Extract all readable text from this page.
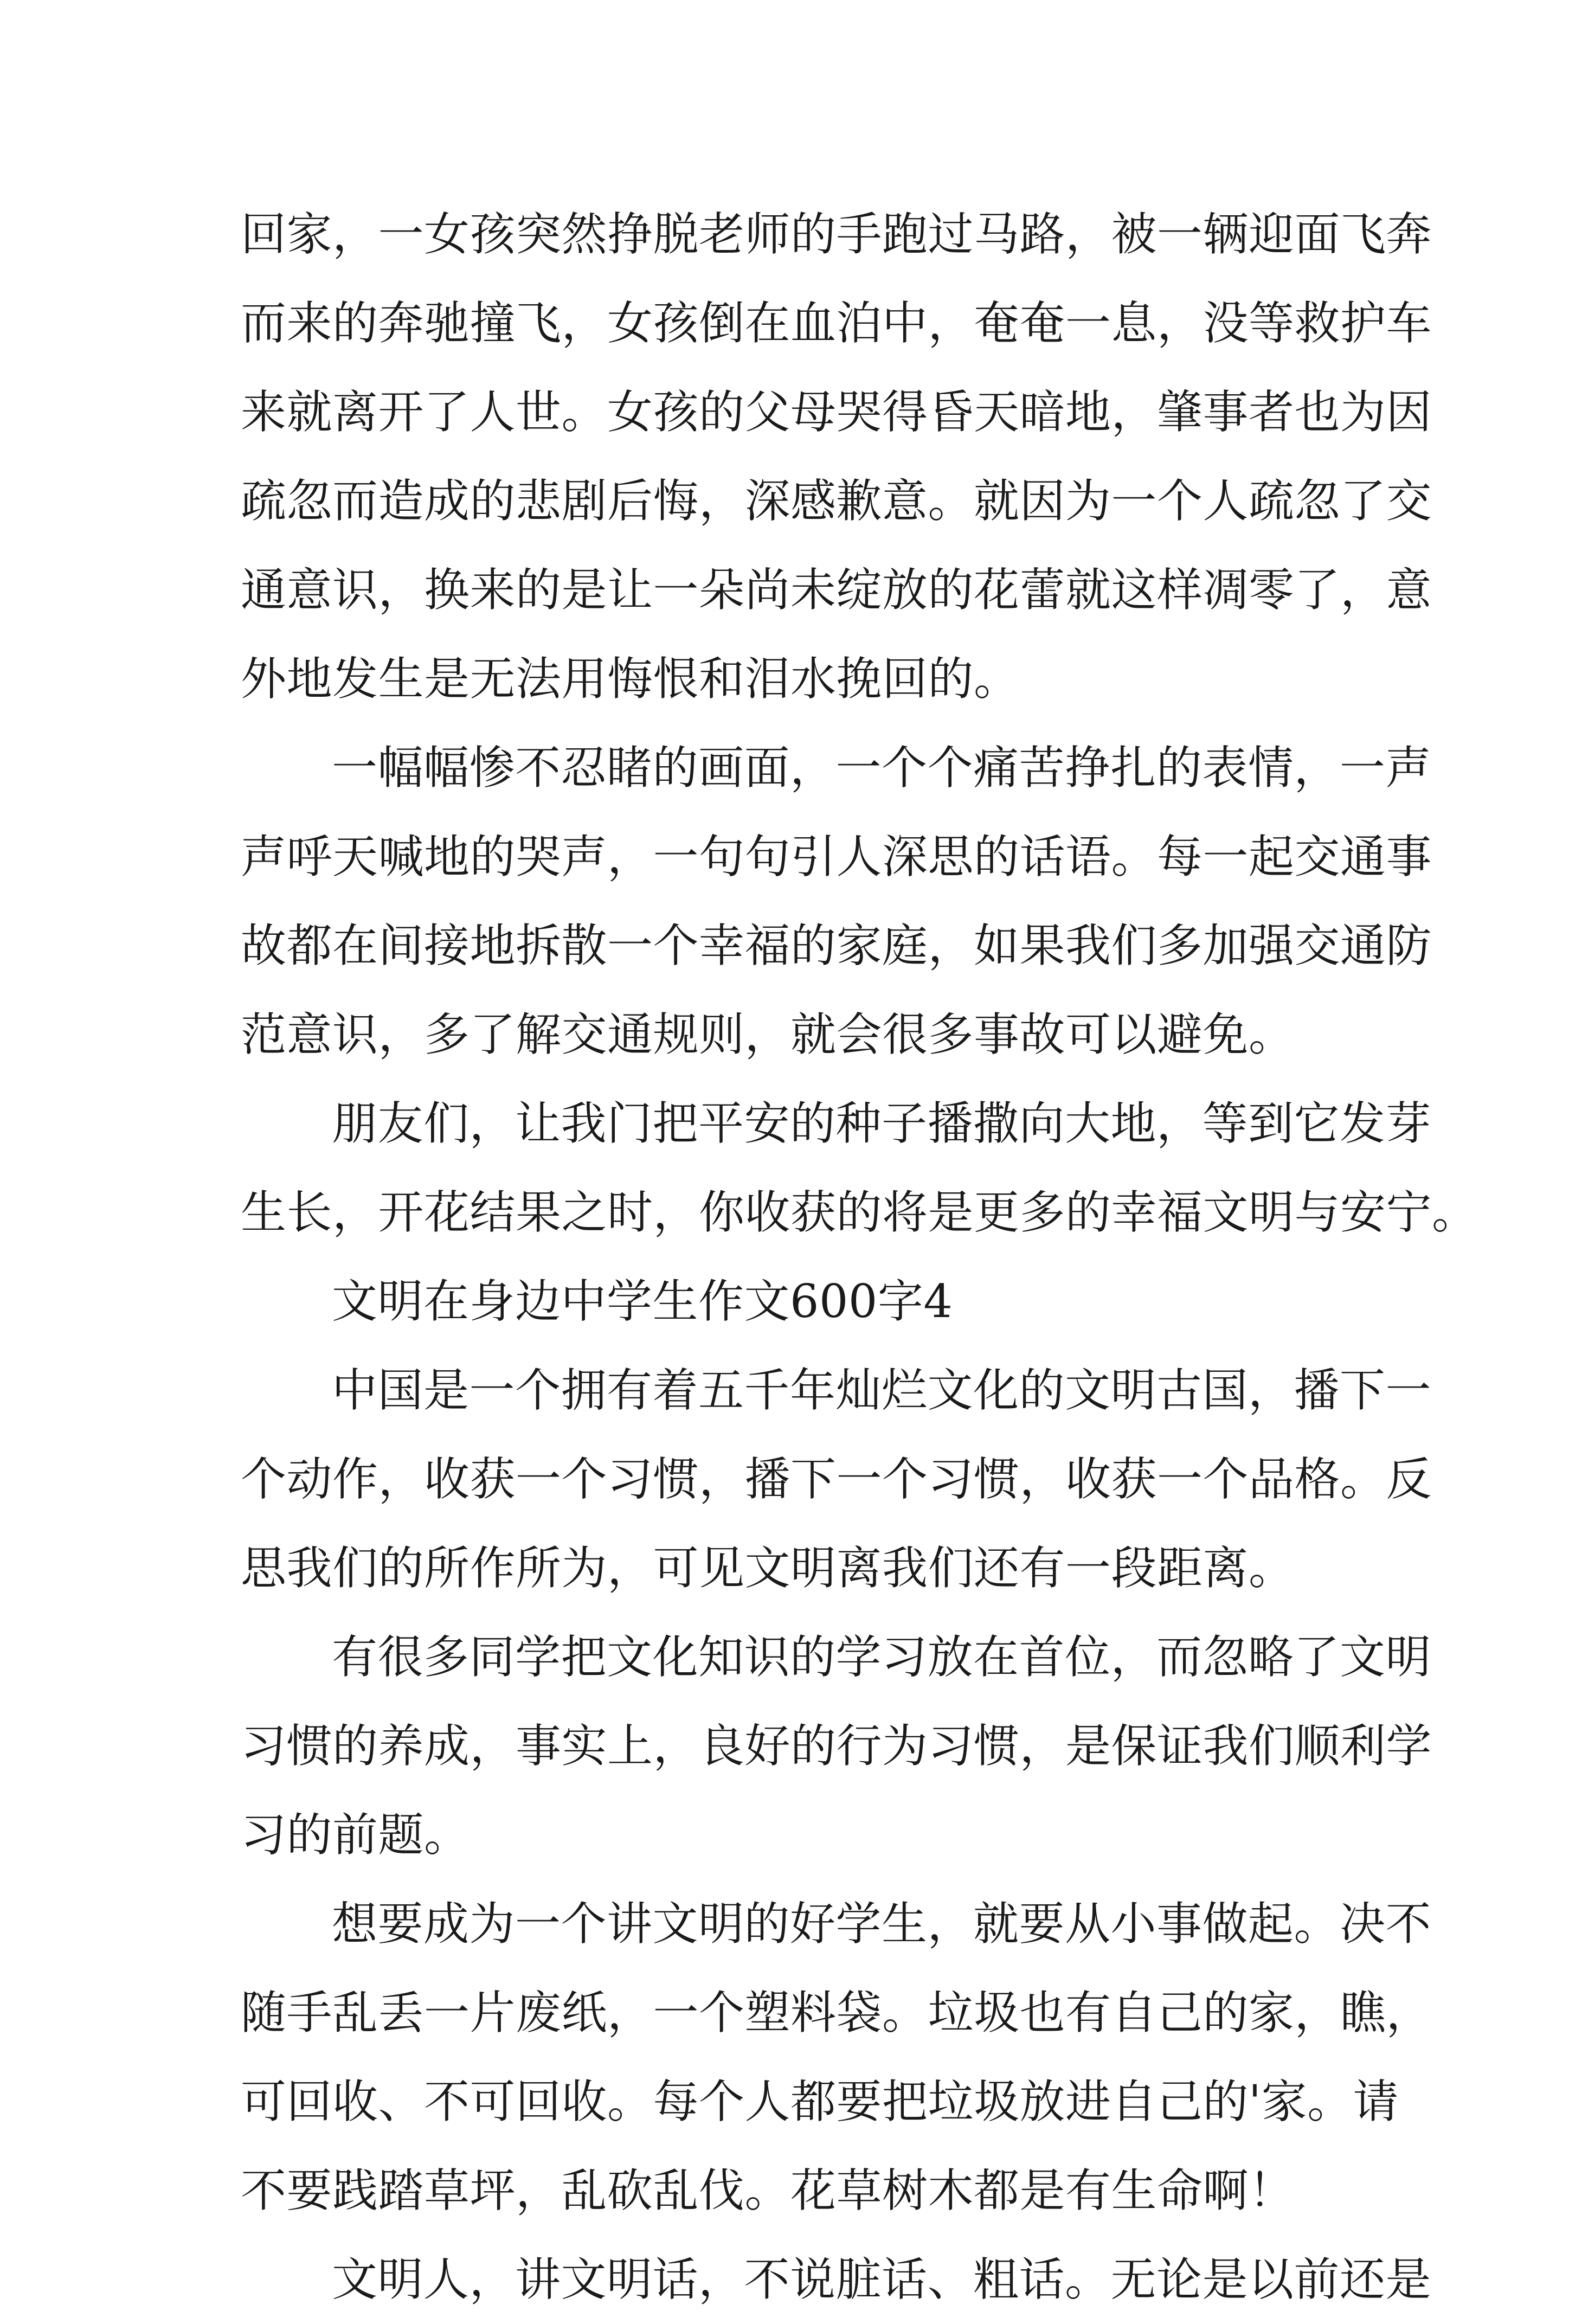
回家，一女孩突然挣脱老师的手跑过马路，被一辆迎面飞奔
而来的奔驰撞飞，女孩倒在血泊中，奄奄一息，没等救护车
来就离开了人世。女孩的父母哭得昏天暗地，肇事者也为因
疏忽而造成的悲剧后悔，深感歉意。就因为一个人疏忽了交
通意识，换来的是让一朵尚未绽放的花蕾就这样凋零了，意
外地发生是无法用悔恨和泪水挽回的。
一幅幅惨不忍睹的画面，一个个痛苦挣扎的表情，一声
声呼天喊地的哭声，一句句引人深思的话语。每一起交通事
故都在间接地拆散一个幸福的家庭，如果我们多加强交通防
范意识，多了解交通规则，就会很多事故可以避免。
朋友们，让我门把平安的种子播撒向大地，等到它发芽
生长，开花结果之时，你收获的将是更多的幸福文明与安宁。
文明在身边中学生作文600字4
中国是一个拥有着五千年灿烂文化的文明古国，播下一
个动作，收获一个习惯，播下一个习惯，收获一个品格。反
思我们的所作所为，可见文明离我们还有一段距离。
有很多同学把文化知识的学习放在首位，而忽略了文明
习惯的养成，事实上，良好的行为习惯，是保证我们顺利学
习的前题。
想要成为一个讲文明的好学生，就要从小事做起。决不
随手乱丢一片废纸，一个塑料袋。垃圾也有自己的家，瞧，
可回收、不可回收。每个人都要把垃圾放进自己的'家。请
不要践踏草坪，乱砍乱伐。花草树木都是有生命啊！
文明人，讲文明话，不说脏话、粗话。无论是以前还是
